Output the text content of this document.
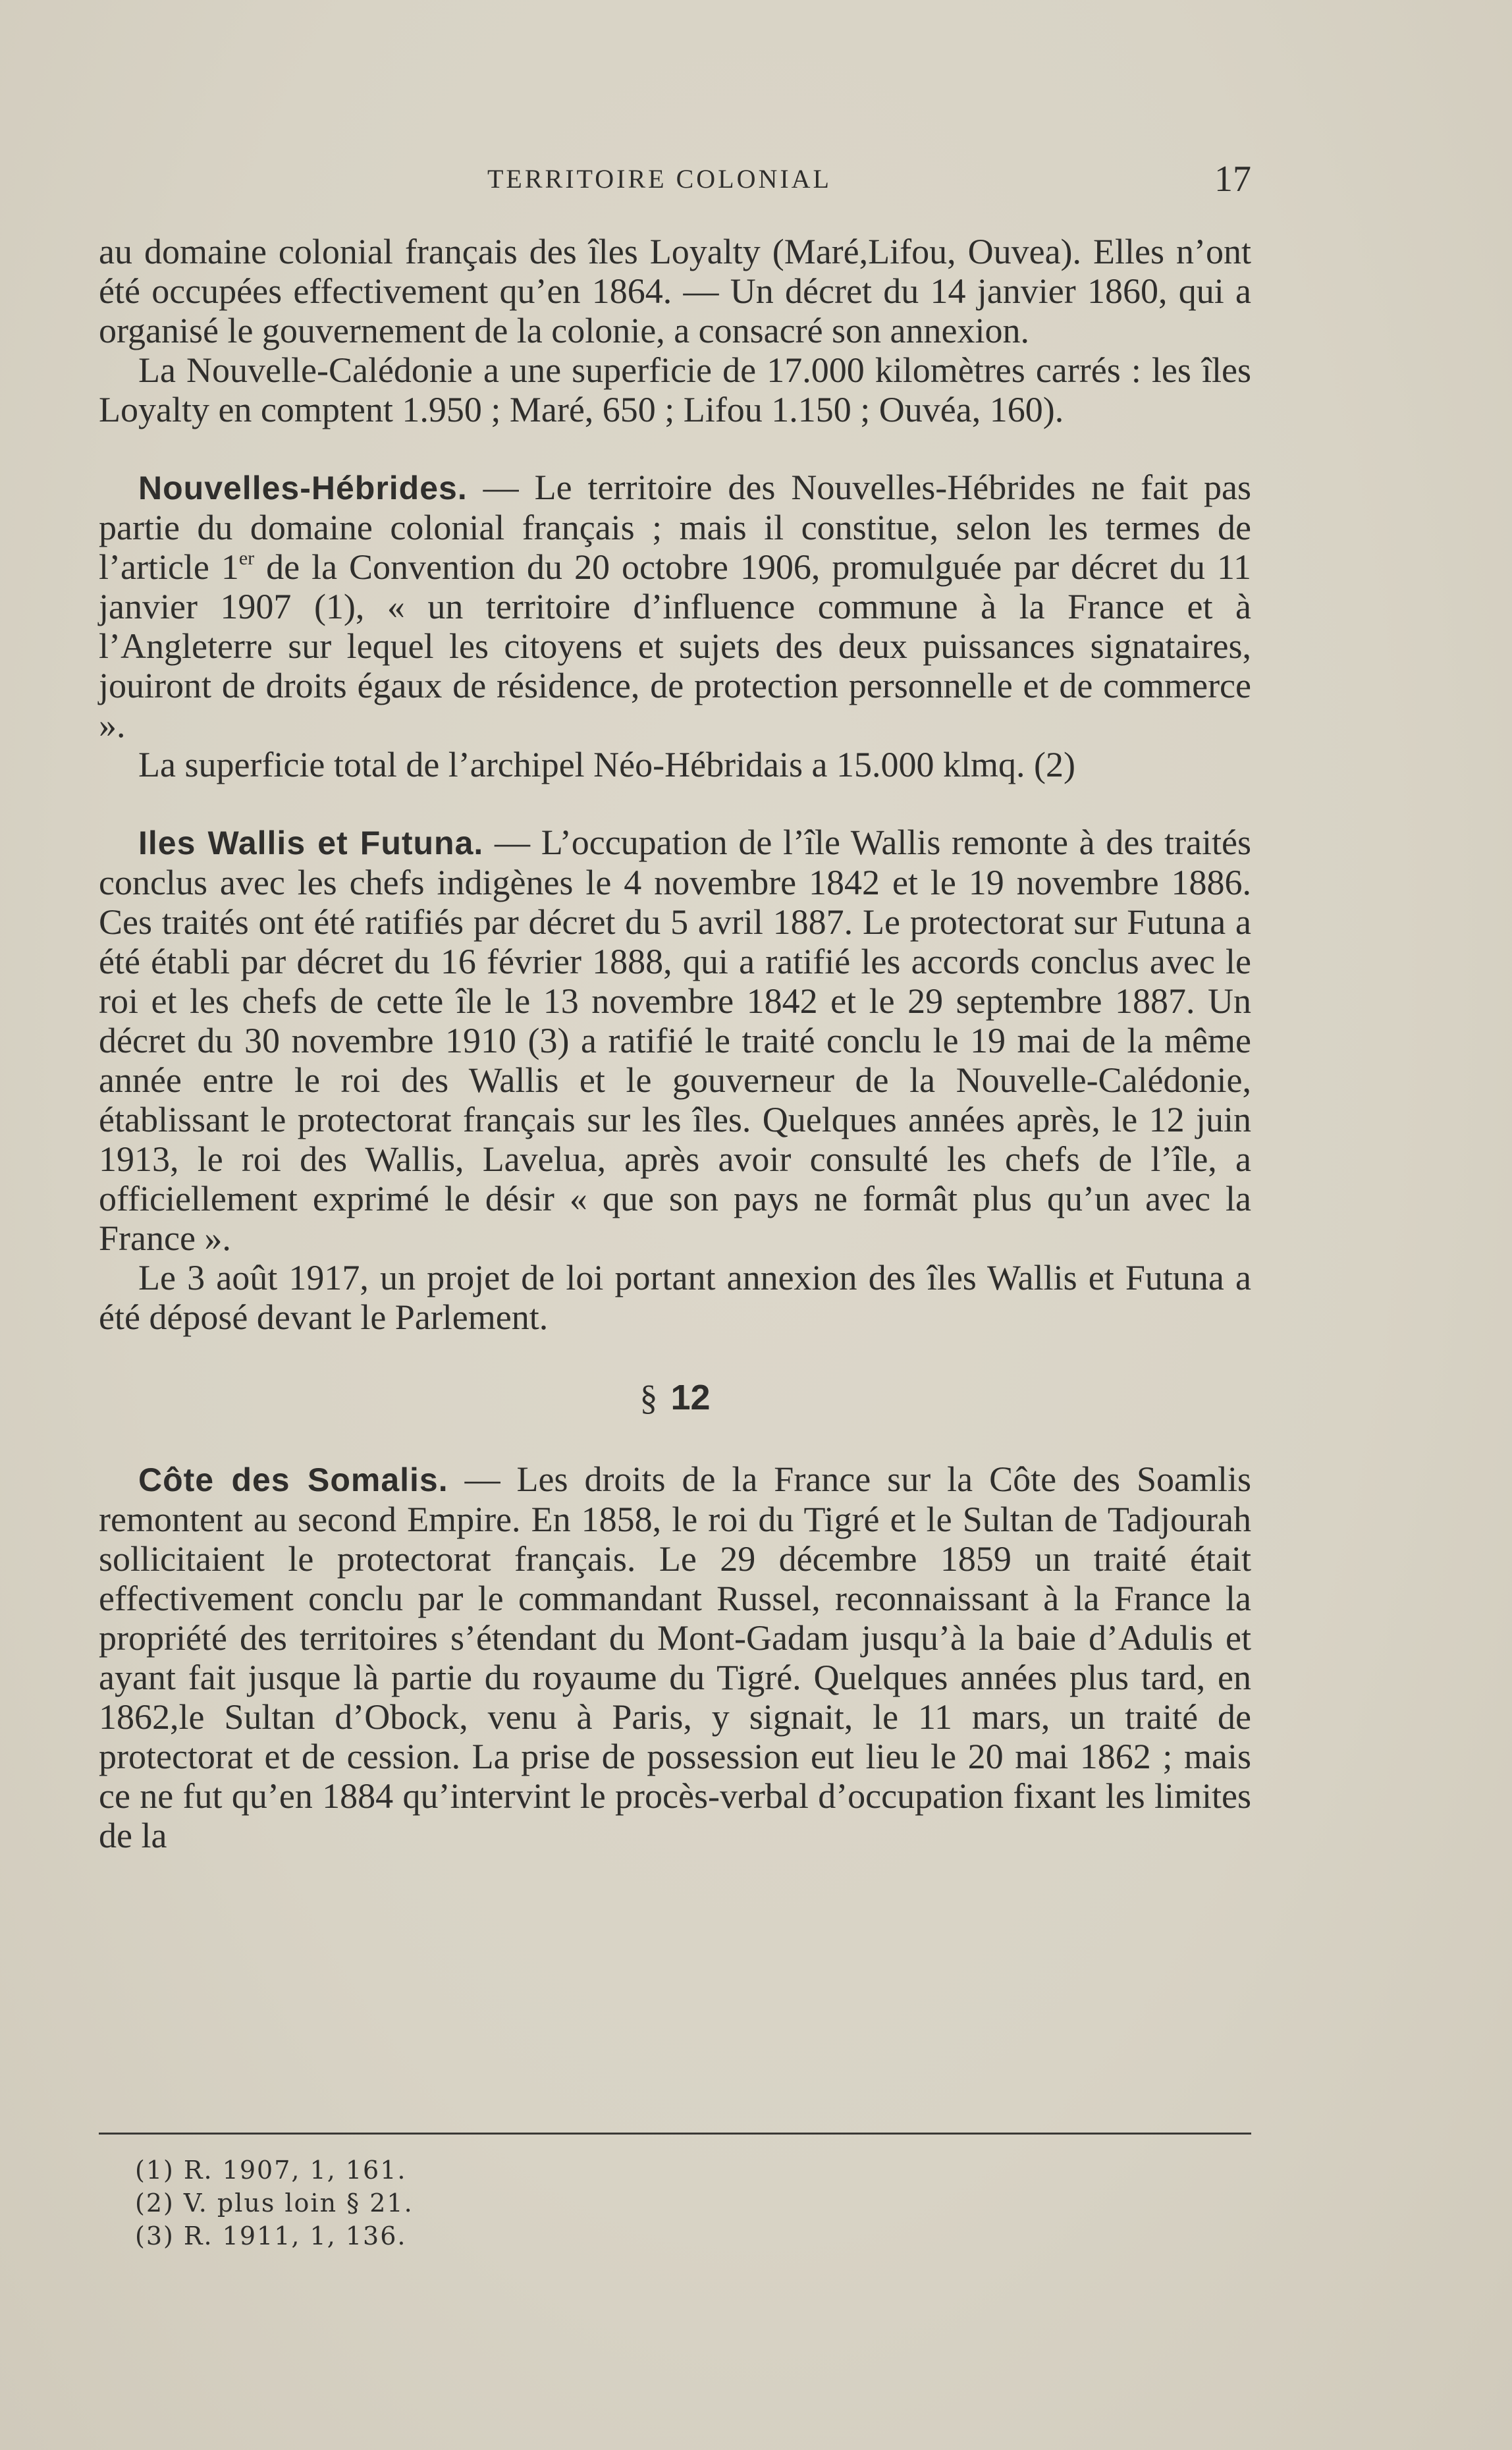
TERRITOIRE COLONIAL	17

au domaine colonial français des îles Loyalty (Maré,Lifou, Ouvea). Elles n’ont été occupées effectivement qu’en 1864. — Un décret du 14 janvier 1860, qui a organisé le gouvernement de la colonie, a consacré son annexion.

La Nouvelle-Calédonie a une superficie de 17.000 kilomètres carrés : les îles Loyalty en comptent 1.950 ; Maré, 650 ; Lifou 1.150 ; Ouvéa, 160).

Nouvelles-Hébrides. — Le territoire des Nouvelles-Hébrides ne fait pas partie du domaine colonial français ; mais il constitue, selon les termes de l’article 1er de la Convention du 20 octobre 1906, promulguée par décret du 11 janvier 1907 (1), « un territoire d’influence commune à la France et à l’Angleterre sur lequel les citoyens et sujets des deux puissances signataires, jouiront de droits égaux de résidence, de protection personnelle et de commerce ».

La superficie total de l’archipel Néo-Hébridais a 15.000 klmq. (2)

Iles Wallis et Futuna. — L’occupation de l’île Wallis remonte à des traités conclus avec les chefs indigènes le 4 novembre 1842 et le 19 novembre 1886. Ces traités ont été ratifiés par décret du 5 avril 1887. Le protectorat sur Futuna a été établi par décret du 16 février 1888, qui a ratifié les accords conclus avec le roi et les chefs de cette île le 13 novembre 1842 et le 29 septembre 1887. Un décret du 30 novembre 1910 (3) a ratifié le traité conclu le 19 mai de la même année entre le roi des Wallis et le gouverneur de la Nouvelle-Calédonie, établissant le protectorat français sur les îles. Quelques années après, le 12 juin 1913, le roi des Wallis, Lavelua, après avoir consulté les chefs de l’île, a officiellement exprimé le désir « que son pays ne formât plus qu’un avec la France ».

Le 3 août 1917, un projet de loi portant annexion des îles Wallis et Futuna a été déposé devant le Parlement.

§ 12

Côte des Somalis. — Les droits de la France sur la Côte des Soamlis remontent au second Empire. En 1858, le roi du Tigré et le Sultan de Tadjourah sollicitaient le protectorat français. Le 29 décembre 1859 un traité était effectivement conclu par le commandant Russel, reconnaissant à la France la propriété des territoires s’étendant du Mont-Gadam jusqu’à la baie d’Adulis et ayant fait jusque là partie du royaume du Tigré. Quelques années plus tard, en 1862,le Sultan d’Obock, venu à Paris, y signait, le 11 mars, un traité de protectorat et de cession. La prise de possession eut lieu le 20 mai 1862 ; mais ce ne fut qu’en 1884 qu’intervint le procès-verbal d’occupation fixant les limites de la

(1) R. 1907, 1, 161.
(2) V. plus loin § 21.
(3) R. 1911, 1, 136.
